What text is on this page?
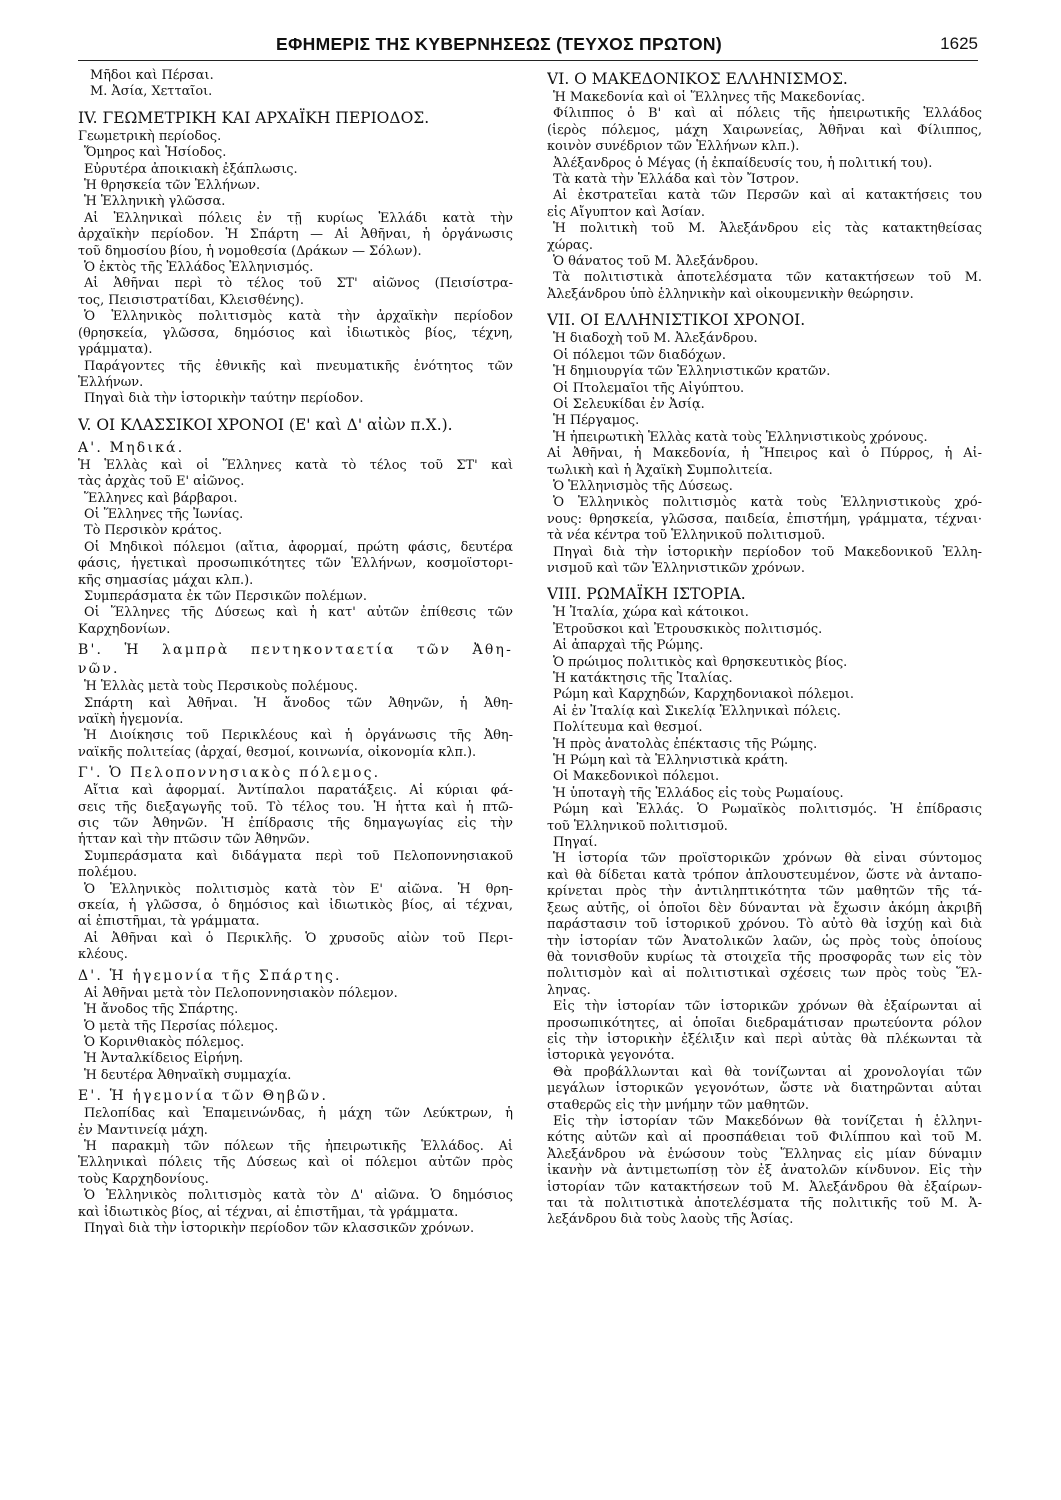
ΕΦΗΜΕΡΙΣ ΤΗΣ ΚΥΒΕΡΝΗΣΕΩΣ (ΤΕΥΧΟΣ ΠΡΩΤΟΝ)	1625
Μῆδοι καὶ Πέρσαι.
Μ. Ἀσία, Χετταῖοι.
IV. ΓΕΩΜΕΤΡΙΚΗ ΚΑΙ ΑΡΧΑΪΚΗ ΠΕΡΙΟΔΟΣ.
Γεωμετρικὴ περίοδος.
Ὅμηρος καὶ Ἡσίοδος.
Εὐρυτέρα ἀποικιακὴ ἐξάπλωσις.
Ἡ θρησκεία τῶν Ἑλλήνων.
Ἡ Ἑλληνικὴ γλῶσσα.
Αἱ Ἑλληνικαὶ πόλεις ἐν τῇ κυρίως Ἑλλάδι κατὰ τὴν
ἀρχαϊκὴν περίοδον. Ἡ Σπάρτη — Αἱ Ἀθῆναι, ἡ ὀργάνωσις
τοῦ δημοσίου βίου, ἡ νομοθεσία (Δράκων — Σόλων).
Ὁ ἐκτὸς τῆς Ἑλλάδος Ἑλληνισμός.
Αἱ Ἀθῆναι περὶ τὸ τέλος τοῦ ΣΤ' αἰῶνος (Πεισίστρα-
τος, Πεισιστρατίδαι, Κλεισθένης).
Ὁ Ἑλληνικὸς πολιτισμὸς κατὰ τὴν ἀρχαϊκὴν περίοδον
(θρησκεία, γλῶσσα, δημόσιος καὶ ἰδιωτικὸς βίος, τέχνη,
γράμματα).
Παράγοντες τῆς ἐθνικῆς καὶ πνευματικῆς ἑνότητος τῶν
Ἑλλήνων.
Πηγαὶ διὰ τὴν ἱστορικὴν ταύτην περίοδον.
V. ΟΙ ΚΛΑΣΣΙΚΟΙ ΧΡΟΝΟΙ (Ε' καὶ Δ' αἰὼν π.Χ.).
Α'. Μηδικά.
Ἡ Ἑλλὰς καὶ οἱ Ἕλληνες κατὰ τὸ τέλος τοῦ ΣΤ' καὶ
τὰς ἀρχὰς τοῦ Ε' αἰῶνος.
Ἕλληνες καὶ βάρβαροι.
Οἱ Ἕλληνες τῆς Ἰωνίας.
Τὸ Περσικὸν κράτος.
Οἱ Μηδικοὶ πόλεμοι (αἴτια, ἀφορμαί, πρώτη φάσις, δευτέρα
φάσις, ἡγετικαὶ προσωπικότητες τῶν Ἑλλήνων, κοσμοϊστορι-
κῆς σημασίας μάχαι κλπ.).
Συμπεράσματα ἐκ τῶν Περσικῶν πολέμων.
Οἱ Ἕλληνες τῆς Δύσεως καὶ ἡ κατ' αὐτῶν ἐπίθεσις τῶν
Καρχηδονίων.
Β'. Ἡ λαμπρὰ πεντηκονταετία τῶν Ἀθη-
νῶν.
Ἡ Ἑλλὰς μετὰ τοὺς Περσικοὺς πολέμους.
Σπάρτη καὶ Ἀθῆναι. Ἡ ἄνοδος τῶν Ἀθηνῶν, ἡ Ἀθη-
ναϊκὴ ἡγεμονία.
Ἡ Διοίκησις τοῦ Περικλέους καὶ ἡ ὀργάνωσις τῆς Ἀθη-
ναϊκῆς πολιτείας (ἀρχαί, θεσμοί, κοινωνία, οἰκονομία κλπ.).
Γ'. Ὁ Πελοποννησιακὸς πόλεμος.
Αἴτια καὶ ἀφορμαί. Ἀντίπαλοι παρατάξεις. Αἱ κύριαι φά-
σεις τῆς διεξαγωγῆς τοῦ. Τὸ τέλος του. Ἡ ἧττα καὶ ἡ πτῶ-
σις τῶν Ἀθηνῶν. Ἡ ἐπίδρασις τῆς δημαγωγίας εἰς τὴν
ἧτταν καὶ τὴν πτῶσιν τῶν Ἀθηνῶν.
Συμπεράσματα καὶ διδάγματα περὶ τοῦ Πελοποννησιακοῦ
πολέμου.
Ὁ Ἑλληνικὸς πολιτισμὸς κατὰ τὸν Ε' αἰῶνα. Ἡ θρη-
σκεία, ἡ γλῶσσα, ὁ δημόσιος καὶ ἰδιωτικὸς βίος, αἱ τέχναι,
αἱ ἐπιστῆμαι, τὰ γράμματα.
Αἱ Ἀθῆναι καὶ ὁ Περικλῆς. Ὁ χρυσοῦς αἰὼν τοῦ Περι-
κλέους.
Δ'. Ἡ ἡγεμονία τῆς Σπάρτης.
Αἱ Ἀθῆναι μετὰ τὸν Πελοποννησιακὸν πόλεμον.
Ἡ ἄνοδος τῆς Σπάρτης.
Ὁ μετὰ τῆς Περσίας πόλεμος.
Ὁ Κορινθιακὸς πόλεμος.
Ἡ Ἀνταλκίδειος Εἰρήνη.
Ἡ δευτέρα Ἀθηναϊκὴ συμμαχία.
Ε'. Ἡ ἡγεμονία τῶν Θηβῶν.
Πελοπίδας καὶ Ἐπαμεινώνδας, ἡ μάχη τῶν Λεύκτρων, ἡ
ἐν Μαντινείᾳ μάχη.
Ἡ παρακμὴ τῶν πόλεων τῆς ἠπειρωτικῆς Ἑλλάδος. Αἱ
Ἑλληνικαὶ πόλεις τῆς Δύσεως καὶ οἱ πόλεμοι αὐτῶν πρὸς
τοὺς Καρχηδονίους.
Ὁ Ἑλληνικὸς πολιτισμὸς κατὰ τὸν Δ' αἰῶνα. Ὁ δημόσιος
καὶ ἰδιωτικὸς βίος, αἱ τέχναι, αἱ ἐπιστῆμαι, τὰ γράμματα.
Πηγαὶ διὰ τὴν ἱστορικὴν περίοδον τῶν κλασσικῶν χρόνων.
VI. Ο ΜΑΚΕΔΟΝΙΚΟΣ ΕΛΛΗΝΙΣΜΟΣ.
Ἡ Μακεδονία καὶ οἱ Ἕλληνες τῆς Μακεδονίας.
Φίλιππος ὁ Β' καὶ αἱ πόλεις τῆς ἠπειρωτικῆς Ἑλλάδος
(ἱερὸς πόλεμος, μάχη Χαιρωνείας, Ἀθῆναι καὶ Φίλιππος,
κοινὸν συνέδριον τῶν Ἑλλήνων κλπ.).
Ἀλέξανδρος ὁ Μέγας (ἡ ἐκπαίδευσίς του, ἡ πολιτική του).
Τὰ κατὰ τὴν Ἑλλάδα καὶ τὸν Ἴστρον.
Αἱ ἐκστρατεῖαι κατὰ τῶν Περσῶν καὶ αἱ κατακτήσεις του
εἰς Αἴγυπτον καὶ Ἀσίαν.
Ἡ πολιτικὴ τοῦ Μ. Ἀλεξάνδρου εἰς τὰς κατακτηθείσας
χώρας.
Ὁ θάνατος τοῦ Μ. Ἀλεξάνδρου.
Τὰ πολιτιστικὰ ἀποτελέσματα τῶν κατακτήσεων τοῦ Μ.
Ἀλεξάνδρου ὑπὸ ἑλληνικὴν καὶ οἰκουμενικὴν θεώρησιν.
VII. ΟΙ ΕΛΛΗΝΙΣΤΙΚΟΙ ΧΡΟΝΟΙ.
Ἡ διαδοχὴ τοῦ Μ. Ἀλεξάνδρου.
Οἱ πόλεμοι τῶν διαδόχων.
Ἡ δημιουργία τῶν Ἑλληνιστικῶν κρατῶν.
Οἱ Πτολεμαῖοι τῆς Αἰγύπτου.
Οἱ Σελευκίδαι ἐν Ἀσίᾳ.
Ἡ Πέργαμος.
Ἡ ἠπειρωτικὴ Ἑλλὰς κατὰ τοὺς Ἑλληνιστικοὺς χρόνους.
Αἱ Ἀθῆναι, ἡ Μακεδονία, ἡ Ἤπειρος καὶ ὁ Πύρρος, ἡ Αἰ-
τωλικὴ καὶ ἡ Ἀχαϊκὴ Συμπολιτεία.
Ὁ Ἑλληνισμὸς τῆς Δύσεως.
Ὁ Ἑλληνικὸς πολιτισμὸς κατὰ τοὺς Ἑλληνιστικοὺς χρό-
νους: θρησκεία, γλῶσσα, παιδεία, ἐπιστήμη, γράμματα, τέχναι·
τὰ νέα κέντρα τοῦ Ἑλληνικοῦ πολιτισμοῦ.
Πηγαὶ διὰ τὴν ἱστορικὴν περίοδον τοῦ Μακεδονικοῦ Ἑλλη-
νισμοῦ καὶ τῶν Ἑλληνιστικῶν χρόνων.
VIII. ΡΩΜΑΪΚΗ ΙΣΤΟΡΙΑ.
Ἡ Ἰταλία, χώρα καὶ κάτοικοι.
Ἐτροῦσκοι καὶ Ἐτρουσκικὸς πολιτισμός.
Αἱ ἀπαρχαὶ τῆς Ρώμης.
Ὁ πρώιμος πολιτικὸς καὶ θρησκευτικὸς βίος.
Ἡ κατάκτησις τῆς Ἰταλίας.
Ρώμη καὶ Καρχηδών, Καρχηδονιακοὶ πόλεμοι.
Αἱ ἐν Ἰταλίᾳ καὶ Σικελίᾳ Ἑλληνικαὶ πόλεις.
Πολίτευμα καὶ θεσμοί.
Ἡ πρὸς ἀνατολὰς ἐπέκτασις τῆς Ρώμης.
Ἡ Ρώμη καὶ τὰ Ἑλληνιστικὰ κράτη.
Οἱ Μακεδονικοὶ πόλεμοι.
Ἡ ὑποταγὴ τῆς Ἑλλάδος εἰς τοὺς Ρωμαίους.
Ρώμη καὶ Ἑλλάς. Ὁ Ρωμαϊκὸς πολιτισμός. Ἡ ἐπίδρασις
τοῦ Ἑλληνικοῦ πολιτισμοῦ.
Πηγαί.
Ἡ ἱστορία τῶν προϊστορικῶν χρόνων θὰ εἶναι σύντομος
καὶ θὰ δίδεται κατὰ τρόπον ἁπλουστευμένον, ὥστε νὰ ἀνταπο-
κρίνεται πρὸς τὴν ἀντιληπτικότητα τῶν μαθητῶν τῆς τά-
ξεως αὐτῆς, οἱ ὁποῖοι δὲν δύνανται νὰ ἔχωσιν ἀκόμη ἀκριβῆ
παράστασιν τοῦ ἱστορικοῦ χρόνου. Τὸ αὐτὸ θὰ ἰσχύῃ καὶ διὰ
τὴν ἱστορίαν τῶν Ἀνατολικῶν λαῶν, ὡς πρὸς τοὺς ὁποίους
θὰ τονισθοῦν κυρίως τὰ στοιχεῖα τῆς προσφορᾶς των εἰς τὸν
πολιτισμὸν καὶ αἱ πολιτιστικαὶ σχέσεις των πρὸς τοὺς Ἕλ-
ληνας.
Εἰς τὴν ἱστορίαν τῶν ἱστορικῶν χρόνων θὰ ἐξαίρωνται αἱ
προσωπικότητες, αἱ ὁποῖαι διεδραμάτισαν πρωτεύοντα ρόλον
εἰς τὴν ἱστορικὴν ἐξέλιξιν καὶ περὶ αὐτὰς θὰ πλέκωνται τὰ
ἱστορικὰ γεγονότα.
Θὰ προβάλλωνται καὶ θὰ τονίζωνται αἱ χρονολογίαι τῶν
μεγάλων ἱστορικῶν γεγονότων, ὥστε νὰ διατηρῶνται αὗται
σταθερῶς εἰς τὴν μνήμην τῶν μαθητῶν.
Εἰς τὴν ἱστορίαν τῶν Μακεδόνων θὰ τονίζεται ἡ ἑλληνι-
κότης αὐτῶν καὶ αἱ προσπάθειαι τοῦ Φιλίππου καὶ τοῦ Μ.
Ἀλεξάνδρου νὰ ἑνώσουν τοὺς Ἕλληνας εἰς μίαν δύναμιν
ἱκανὴν νὰ ἀντιμετωπίσῃ τὸν ἐξ ἀνατολῶν κίνδυνον. Εἰς τὴν
ἱστορίαν τῶν κατακτήσεων τοῦ Μ. Ἀλεξάνδρου θὰ ἐξαίρων-
ται τὰ πολιτιστικὰ ἀποτελέσματα τῆς πολιτικῆς τοῦ Μ. Ἀ-
λεξάνδρου διὰ τοὺς λαοὺς τῆς Ἀσίας.
